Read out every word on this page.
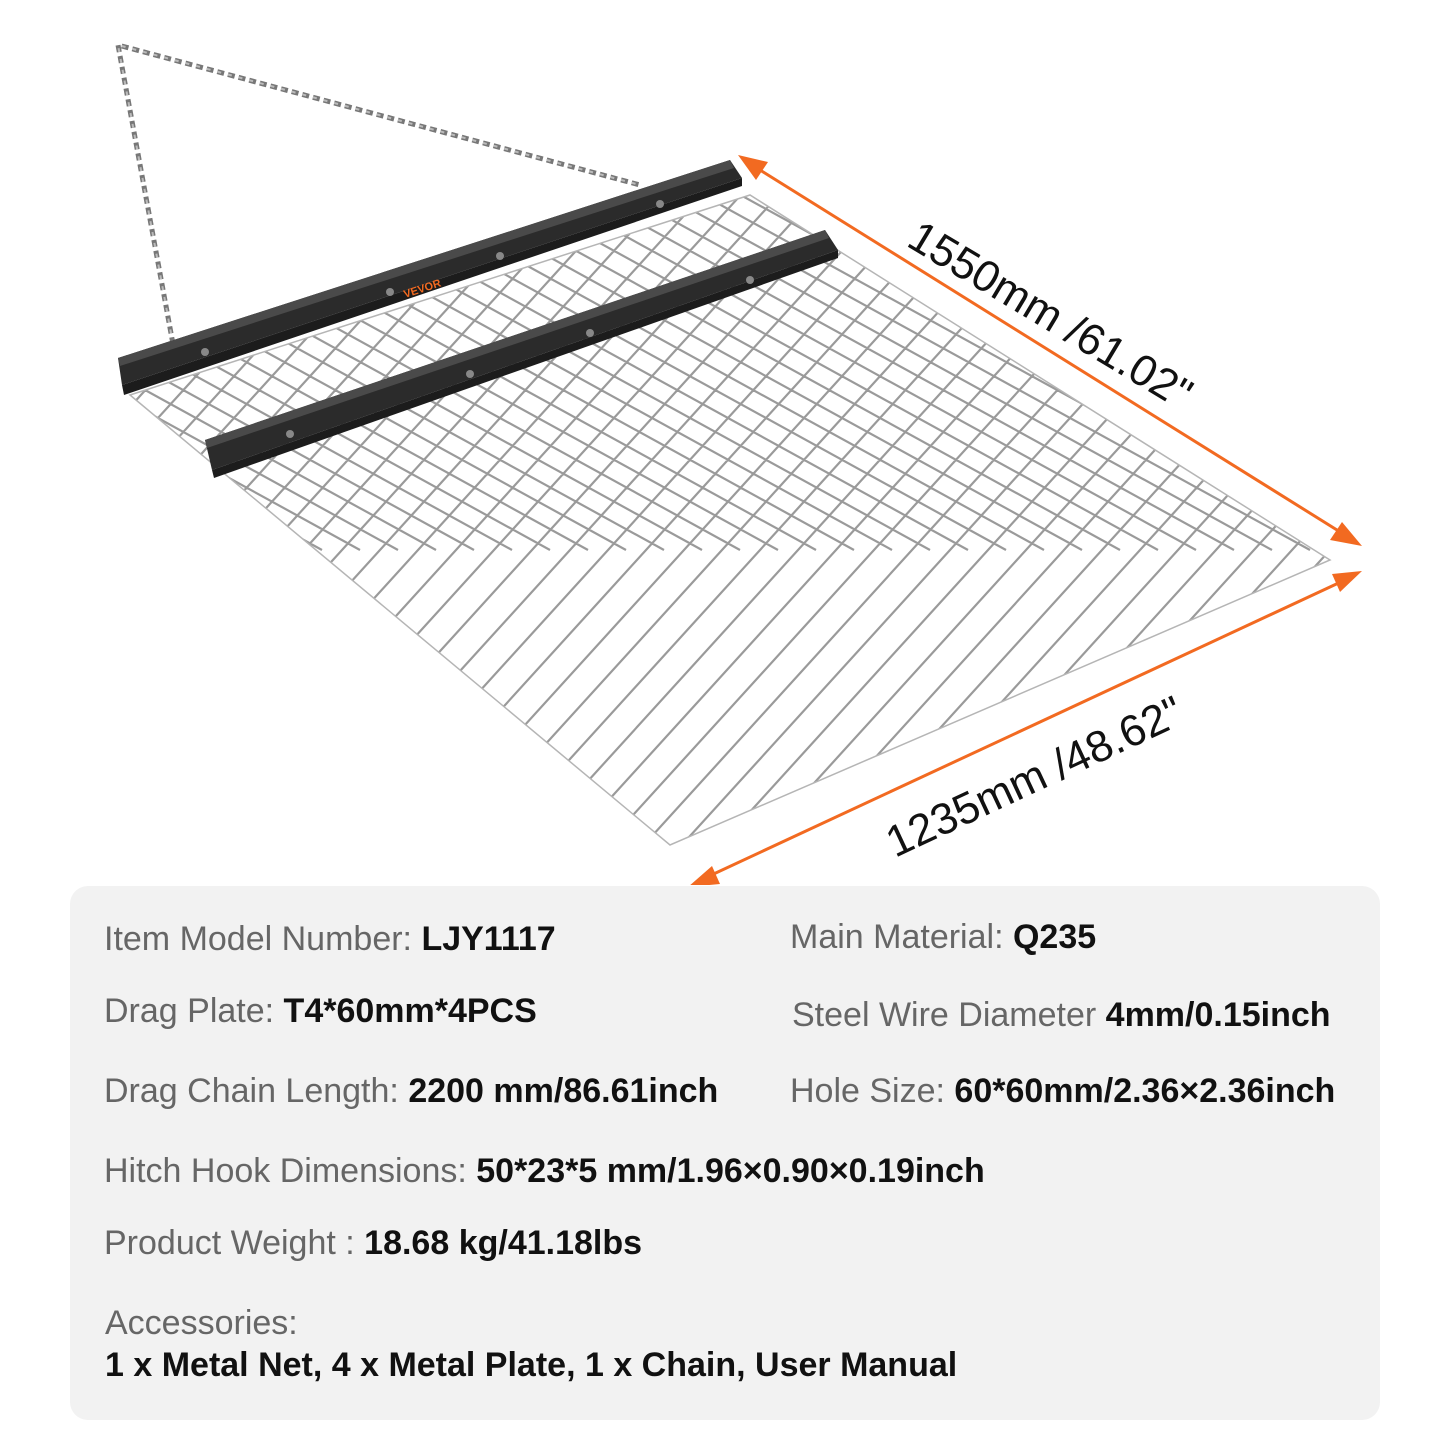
VEVOR	1550mm /61.02"
1235mm /48.62"
Item Model Number: LJY1117	Main Material: Q235
Drag Plate: T4*60mm*4PCS	Steel Wire Diameter 4mm/0.15inch
Drag Chain Length: 2200 mm/86.61inch Hole Size: 60*60mm/2.36×2.36inch
Hitch Hook Dimensions: 50*23*5 mm/1.96×0.90×0.19inch
Product Weight : 18.68 kg/41.18lbs
Accessories:
1 x Metal Net, 4 x Metal Plate, 1 x Chain, User Manual
